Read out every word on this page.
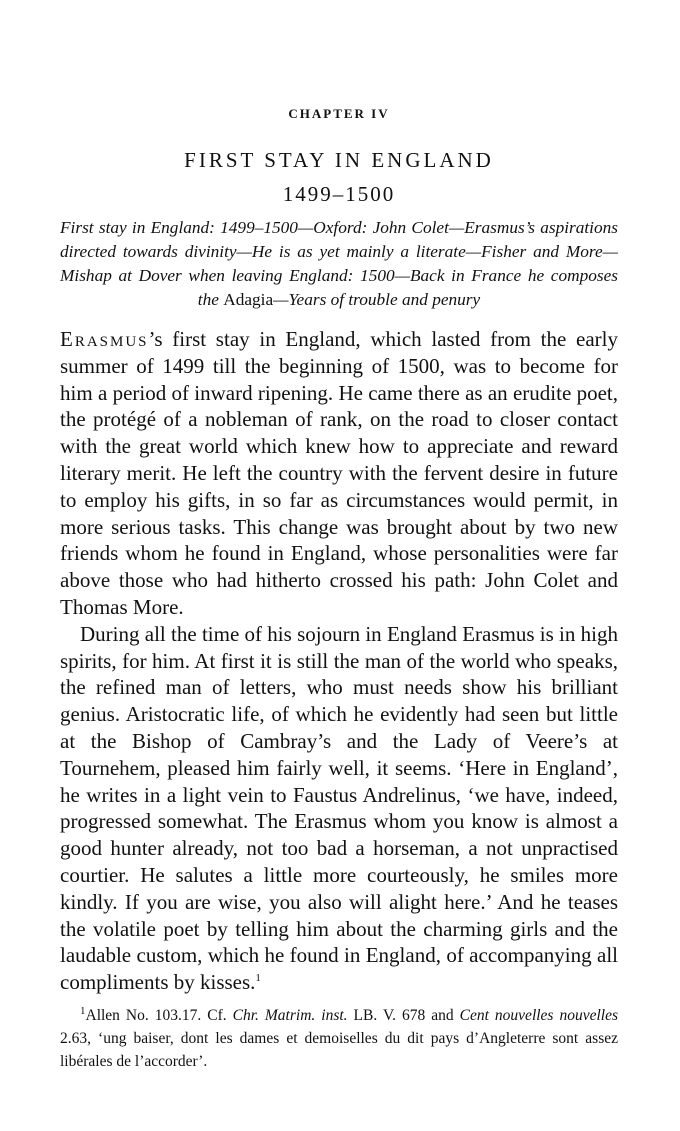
CHAPTER IV
FIRST STAY IN ENGLAND
1499–1500
First stay in England: 1499–1500—Oxford: John Colet—Erasmus’s aspirations directed towards divinity—He is as yet mainly a literate—Fisher and More—Mishap at Dover when leaving England: 1500—Back in France he composes the Adagia—Years of trouble and penury

Erasmus’s first stay in England, which lasted from the early summer of 1499 till the beginning of 1500, was to become for him a period of inward ripening. He came there as an erudite poet, the protégé of a nobleman of rank, on the road to closer contact with the great world which knew how to appreciate and reward literary merit. He left the country with the fervent desire in future to employ his gifts, in so far as circumstances would permit, in more serious tasks. This change was brought about by two new friends whom he found in England, whose personalities were far above those who had hitherto crossed his path: John Colet and Thomas More.

During all the time of his sojourn in England Erasmus is in high spirits, for him. At first it is still the man of the world who speaks, the refined man of letters, who must needs show his brilliant genius. Aristocratic life, of which he evidently had seen but little at the Bishop of Cambray’s and the Lady of Veere’s at Tournehem, pleased him fairly well, it seems. ‘Here in England’, he writes in a light vein to Faustus Andrelinus, ‘we have, indeed, progressed somewhat. The Erasmus whom you know is almost a good hunter already, not too bad a horseman, a not unpractised courtier. He salutes a little more courteously, he smiles more kindly. If you are wise, you also will alight here.’ And he teases the volatile poet by telling him about the charming girls and the laudable custom, which he found in England, of accompanying all compliments by kisses.$^1$

$^1$Allen No. 103.17. Cf. Chr. Matrim. inst. LB. V. 678 and Cent nouvelles nouvelles 2.63, ‘ung baiser, dont les dames et demoiselles du dit pays d’Angleterre sont assez libérales de l’accorder’.
